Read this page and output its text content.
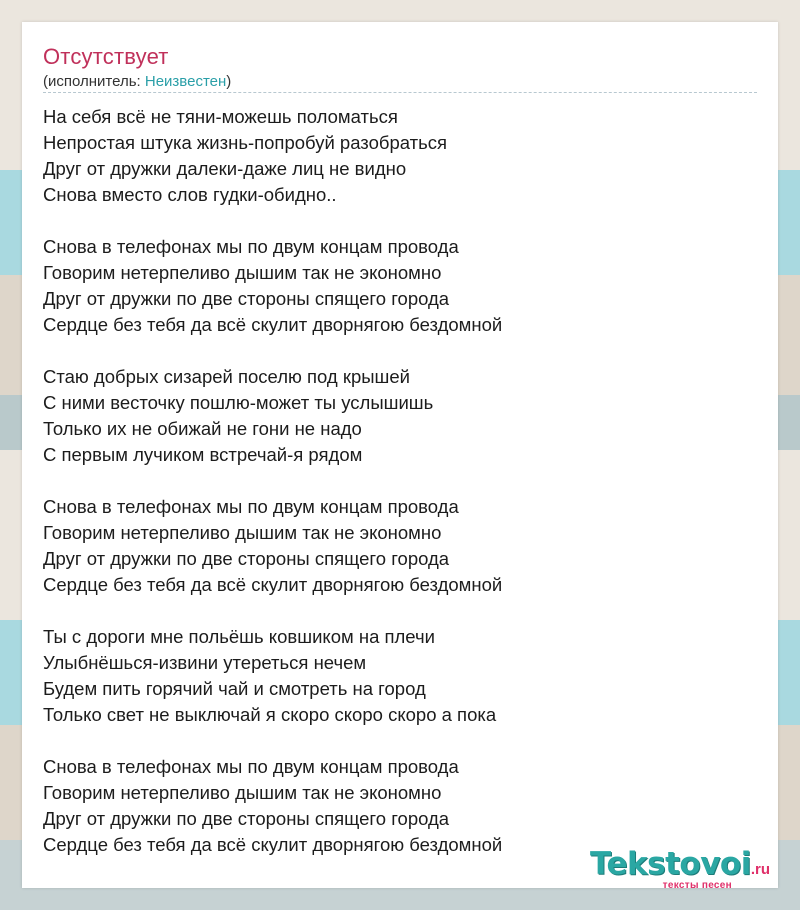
Отсутствует
(исполнитель: Неизвестен)
На себя всё не тяни-можешь поломаться
Непростая штука жизнь-попробуй разобраться
Друг от дружки далеки-даже лиц не видно
Снова вместо слов гудки-обидно..
Снова в телефонах мы по двум концам провода
Говорим нетерпеливо дышим так не экономно
Друг от дружки по две стороны спящего города
Сердце без тебя да всё скулит дворнягою бездомной
Стаю добрых сизарей поселю под крышей
С ними весточку пошлю-может ты услышишь
Только их не обижай не гони не надо
С первым лучиком встречай-я рядом
Снова в телефонах мы по двум концам провода
Говорим нетерпеливо дышим так не экономно
Друг от дружки по две стороны спящего города
Сердце без тебя да всё скулит дворнягою бездомной
Ты с дороги мне польёшь ковшиком на плечи
Улыбнёшься-извини утереться нечем
Будем пить горячий чай и смотреть на город
Только свет не выключай я скоро скоро скоро а пока
Снова в телефонах мы по двум концам провода
Говорим нетерпеливо дышим так не экономно
Друг от дружки по две стороны спящего города
Сердце без тебя да всё скулит дворнягою бездомной
Tekstovoi.ru
тексты песен
